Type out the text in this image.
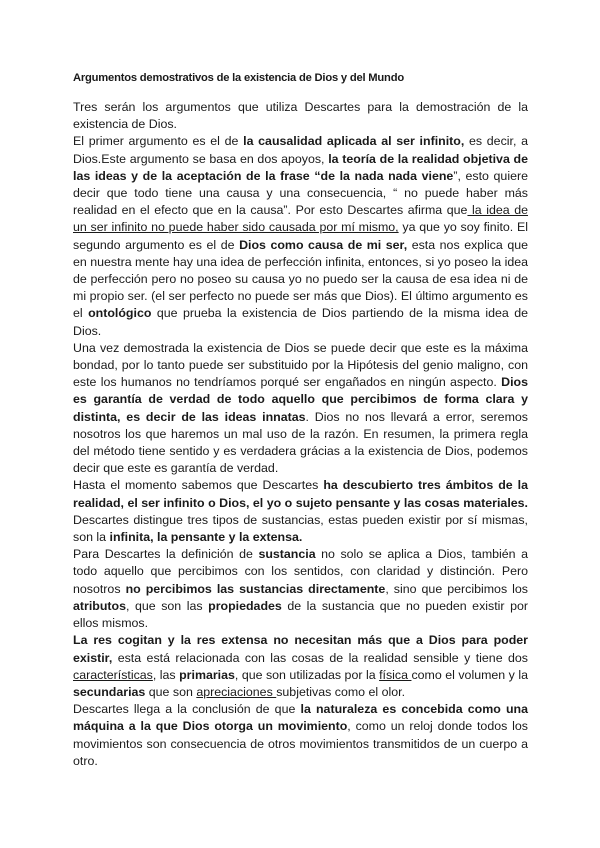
Argumentos demostrativos de la existencia de Dios y del Mundo

Tres serán los argumentos que utiliza Descartes para la demostración de la existencia de Dios.

El primer argumento es el de la causalidad aplicada al ser infinito, es decir, a Dios.Este argumento se basa en dos apoyos, la teoría de la realidad objetiva de las ideas y de la aceptación de la frase “de la nada nada viene”, esto quiere decir que todo tiene una causa y una consecuencia, “ no puede haber más realidad en el efecto que en la causa”. Por esto Descartes afirma que la idea de un ser infinito no puede haber sido causada por mí mismo, ya que yo soy finito. El segundo argumento es el de Dios como causa de mi ser, esta nos explica que en nuestra mente hay una idea de perfección infinita, entonces, si yo poseo la idea de perfección pero no poseo su causa yo no puedo ser la causa de esa idea ni de mi propio ser. (el ser perfecto no puede ser más que Dios). El último argumento es el ontológico que prueba la existencia de Dios partiendo de la misma idea de Dios.

Una vez demostrada la existencia de Dios se puede decir que este es la máxima bondad, por lo tanto puede ser substituido por la Hipótesis del genio maligno, con este los humanos no tendríamos porqué ser engañados en ningún aspecto. Dios es garantía de verdad de todo aquello que percibimos de forma clara y distinta, es decir de las ideas innatas. Dios no nos llevará a error, seremos nosotros los que haremos un mal uso de la razón. En resumen, la primera regla del método tiene sentido y es verdadera grácias a la existencia de Dios, podemos decir que este es garantía de verdad.

Hasta el momento sabemos que Descartes ha descubierto tres ámbitos de la realidad, el ser infinito o Dios, el yo o sujeto pensante y las cosas materiales. Descartes distingue tres tipos de sustancias, estas pueden existir por sí mismas, son la infinita, la pensante y la extensa.

Para Descartes la definición de sustancia no solo se aplica a Dios, también a todo aquello que percibimos con los sentidos, con claridad y distinción. Pero nosotros no percibimos las sustancias directamente, sino que percibimos los atributos, que son las propiedades de la sustancia que no pueden existir por ellos mismos.

La res cogitan y la res extensa no necesitan más que a Dios para poder existir, esta está relacionada con las cosas de la realidad sensible y tiene dos características, las primarias, que son utilizadas por la física como el volumen y la secundarias que son apreciaciones subjetivas como el olor.

Descartes llega a la conclusión de que la naturaleza es concebida como una máquina a la que Dios otorga un movimiento, como un reloj donde todos los movimientos son consecuencia de otros movimientos transmitidos de un cuerpo a otro.
